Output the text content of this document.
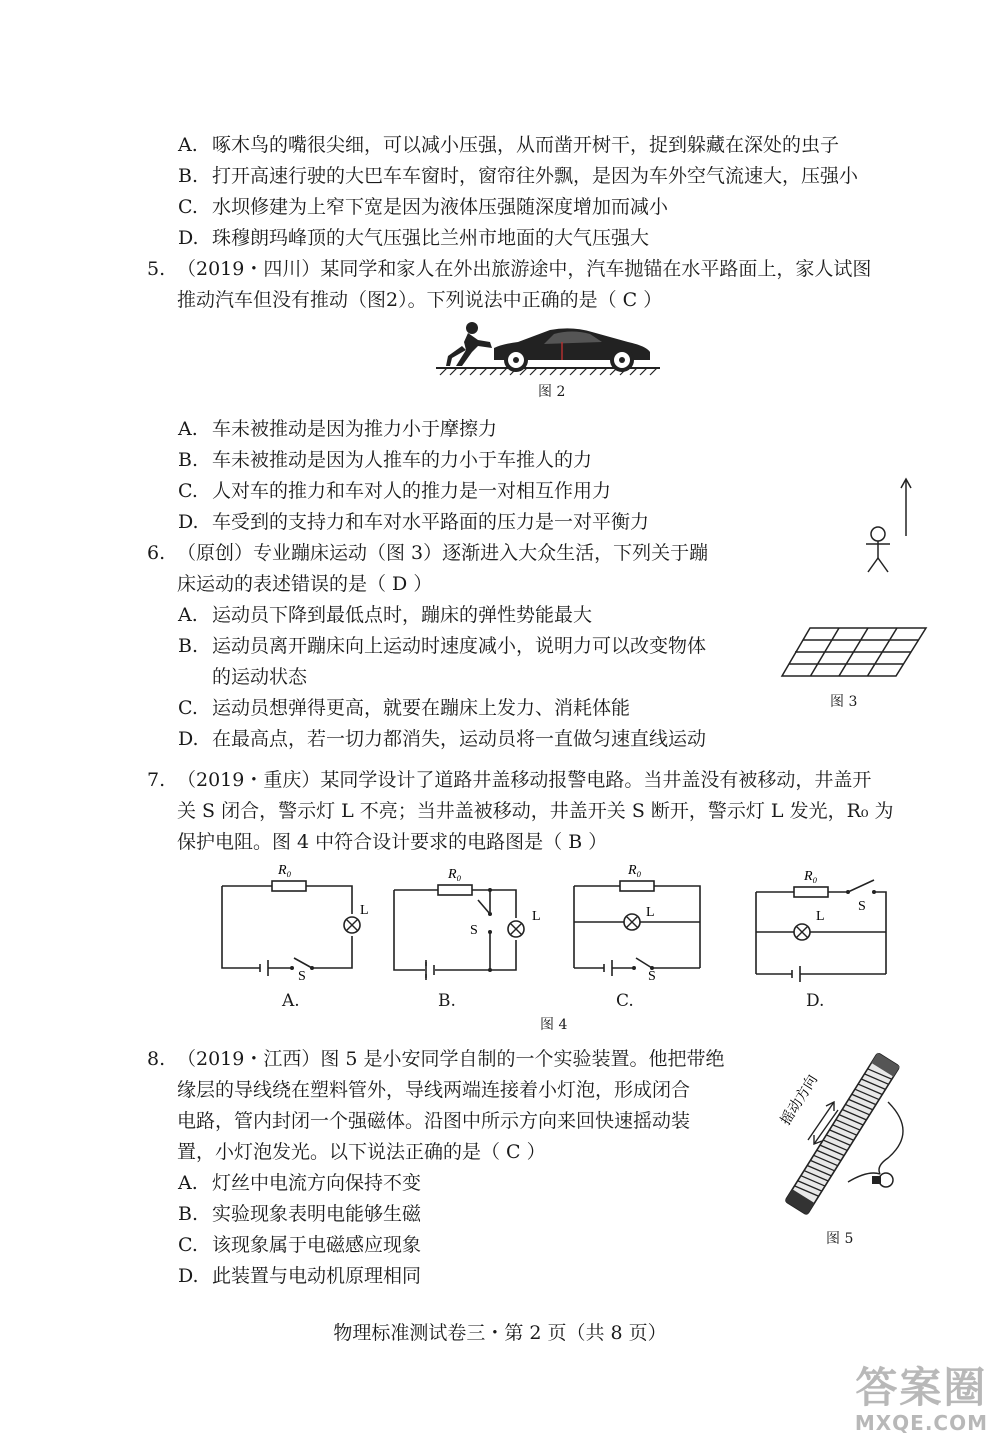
A. 啄木鸟的嘴很尖细，可以减小压强，从而凿开树干，捉到躲藏在深处的虫子
B. 打开高速行驶的大巴车车窗时，窗帘往外飘，是因为车外空气流速大，压强小
C. 水坝修建为上窄下宽是因为液体压强随深度增加而减小
D. 珠穆朗玛峰顶的大气压强比兰州市地面的大气压强大
5. （2019・四川）某同学和家人在外出旅游途中，汽车抛锚在水平路面上，家人试图
推动汽车但没有推动（图2）。下列说法中正确的是（ C ）
图 2
A. 车未被推动是因为推力小于摩擦力
B. 车未被推动是因为人推车的力小于车推人的力
C. 人对车的推力和车对人的推力是一对相互作用力
D. 车受到的支持力和车对水平路面的压力是一对平衡力
6. （原创）专业蹦床运动（图 3）逐渐进入大众生活，下列关于蹦
床运动的表述错误的是（ D ）
A. 运动员下降到最低点时，蹦床的弹性势能最大
B. 运动员离开蹦床向上运动时速度减小，说明力可以改变物体
的运动状态
C. 运动员想弹得更高，就要在蹦床上发力、消耗体能
D. 在最高点，若一切力都消失，运动员将一直做匀速直线运动
图 3
7. （2019・重庆）某同学设计了道路井盖移动报警电路。当井盖没有被移动，井盖开
关 S 闭合，警示灯 L 不亮；当井盖被移动，井盖开关 S 断开，警示灯 L 发光，R₀ 为
保护电阻。图 4 中符合设计要求的电路图是（ B ）
R₀
L
S
A.
R₀
L
S
B.
R₀
L
S
C.
R₀
L
S
D.
图 4
8. （2019・江西）图 5 是小安同学自制的一个实验装置。他把带绝
缘层的导线绕在塑料管外，导线两端连接着小灯泡，形成闭合
电路，管内封闭一个强磁体。沿图中所示方向来回快速摇动装
置，小灯泡发光。以下说法正确的是（ C ）
A. 灯丝中电流方向保持不变
B. 实验现象表明电能够生磁
C. 该现象属于电磁感应现象
D. 此装置与电动机原理相同
摇动方向
图 5
物理标准测试卷三・第 2 页（共 8 页）
答案圈
MXQE.COM
